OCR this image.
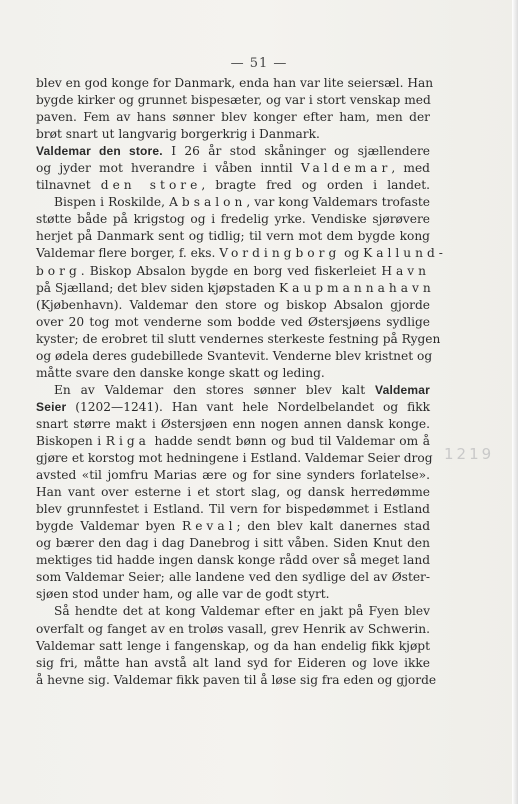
— 51 —
blev en god konge for Danmark, enda han var lite seiersæl. Han
bygde kirker og grunnet bispesæter, og var i stort venskap med
paven. Fem av hans sønner blev konger efter ham, men der
brøt snart ut langvarig borgerkrig i Danmark.
Valdemar den store. I 26 år stod skåninger og sjællendere
og jyder mot hverandre i våben inntil Valdemar, med
tilnavnet den store, bragte fred og orden i landet.
Bispen i Roskilde, Absalon, var kong Valdemars trofaste
støtte både på krigstog og i fredelig yrke. Vendiske sjørøvere
herjet på Danmark sent og tidlig; til vern mot dem bygde kong
Valdemar flere borger, f. eks. Vordingborg og Kallund-
borg. Biskop Absalon bygde en borg ved fiskerleiet Havn
på Sjælland; det blev siden kjøpstaden Kaupmannahavn
(Kjøbenhavn). Valdemar den store og biskop Absalon gjorde
over 20 tog mot venderne som bodde ved Østersjøens sydlige
kyster; de erobret til slutt vendernes sterkeste festning på Rygen
og ødela deres gudebillede Svantevit. Venderne blev kristnet og
måtte svare den danske konge skatt og leding.
En av Valdemar den stores sønner blev kalt Valdemar
Seier (1202—1241). Han vant hele Nordelbelandet og fikk
snart større makt i Østersjøen enn nogen annen dansk konge.
Biskopen i Riga hadde sendt bønn og bud til Valdemar om å
gjøre et korstog mot hedningene i Estland. Valdemar Seier drog
avsted «til jomfru Marias ære og for sine synders forlatelse».
Han vant over esterne i et stort slag, og dansk herredømme
blev grunnfestet i Estland. Til vern for bispedømmet i Estland
bygde Valdemar byen Reval; den blev kalt danernes stad
og bærer den dag i dag Danebrog i sitt våben. Siden Knut den
mektiges tid hadde ingen dansk konge rådd over så meget land
som Valdemar Seier; alle landene ved den sydlige del av Øster-
sjøen stod under ham, og alle var de godt styrt.
Så hendte det at kong Valdemar efter en jakt på Fyen blev
overfalt og fanget av en troløs vasall, grev Henrik av Schwerin.
Valdemar satt lenge i fangenskap, og da han endelig fikk kjøpt
sig fri, måtte han avstå alt land syd for Eideren og love ikke
å hevne sig. Valdemar fikk paven til å løse sig fra eden og gjorde
1219
